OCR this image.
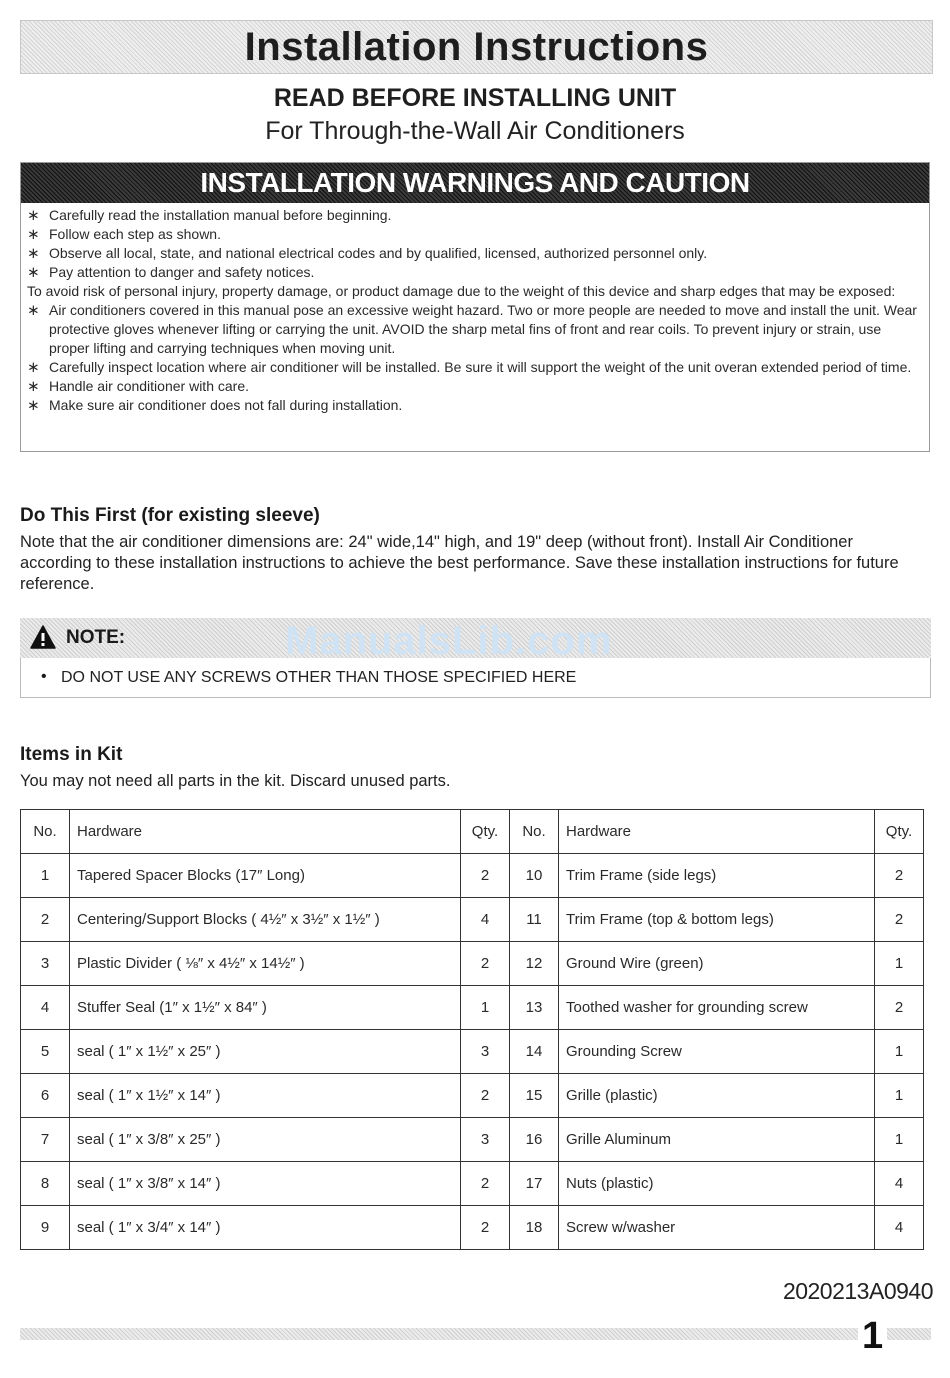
Installation Instructions
READ BEFORE INSTALLING UNIT
For Through-the-Wall Air Conditioners
INSTALLATION WARNINGS AND CAUTION
∗ Carefully read the installation manual before beginning.
∗ Follow each step as shown.
∗ Observe all local, state, and national electrical codes and by qualified, licensed, authorized personnel only.
∗ Pay attention to danger and safety notices.
To avoid risk of personal injury, property damage, or product damage due to the weight of this device and sharp edges that may be exposed:
∗ Air conditioners covered in this manual pose an excessive weight hazard. Two or more people are needed to move and install the unit. Wear protective gloves whenever lifting or carrying the unit. AVOID the sharp metal fins of front and rear coils. To prevent injury or strain, use proper lifting and carrying techniques when moving unit.
∗ Carefully inspect location where air conditioner will be installed. Be sure it will support the weight of the unit overan extended period of time.
∗ Handle air conditioner with care.
∗ Make sure air conditioner does not fall during installation.
Do This First (for existing sleeve)
Note that the air conditioner dimensions are: 24" wide,14" high, and 19" deep (without front). Install Air Conditioner according to these installation instructions to achieve the best performance. Save these installation instructions for future reference.
NOTE:	ManualsLib.com
• DO NOT USE ANY SCREWS OTHER THAN THOSE SPECIFIED HERE
Items in Kit
You may not need all parts in the kit. Discard unused parts.
No.	Hardware	Qty.	No.	Hardware	Qty.
1	Tapered Spacer Blocks (17″ Long)	2	10	Trim Frame (side legs)	2
2	Centering/Support Blocks ( 4½″ x 3½″ x 1½″ )	4	11	Trim Frame (top & bottom legs)	2
3	Plastic Divider ( ⅛″ x 4½″ x 14½″ )	2	12	Ground Wire (green)	1
4	Stuffer Seal (1″ x 1½″ x 84″ )	1	13	Toothed washer for grounding screw	2
5	seal ( 1″ x 1½″ x 25″ )	3	14	Grounding Screw	1
6	seal ( 1″ x 1½″ x 14″ )	2	15	Grille (plastic)	1
7	seal ( 1″ x 3/8″ x 25″ )	3	16	Grille Aluminum	1
8	seal ( 1″ x 3/8″ x 14″ )	2	17	Nuts (plastic)	4
9	seal ( 1″ x 3/4″ x 14″ )	2	18	Screw w/washer	4
2020213A0940
1
